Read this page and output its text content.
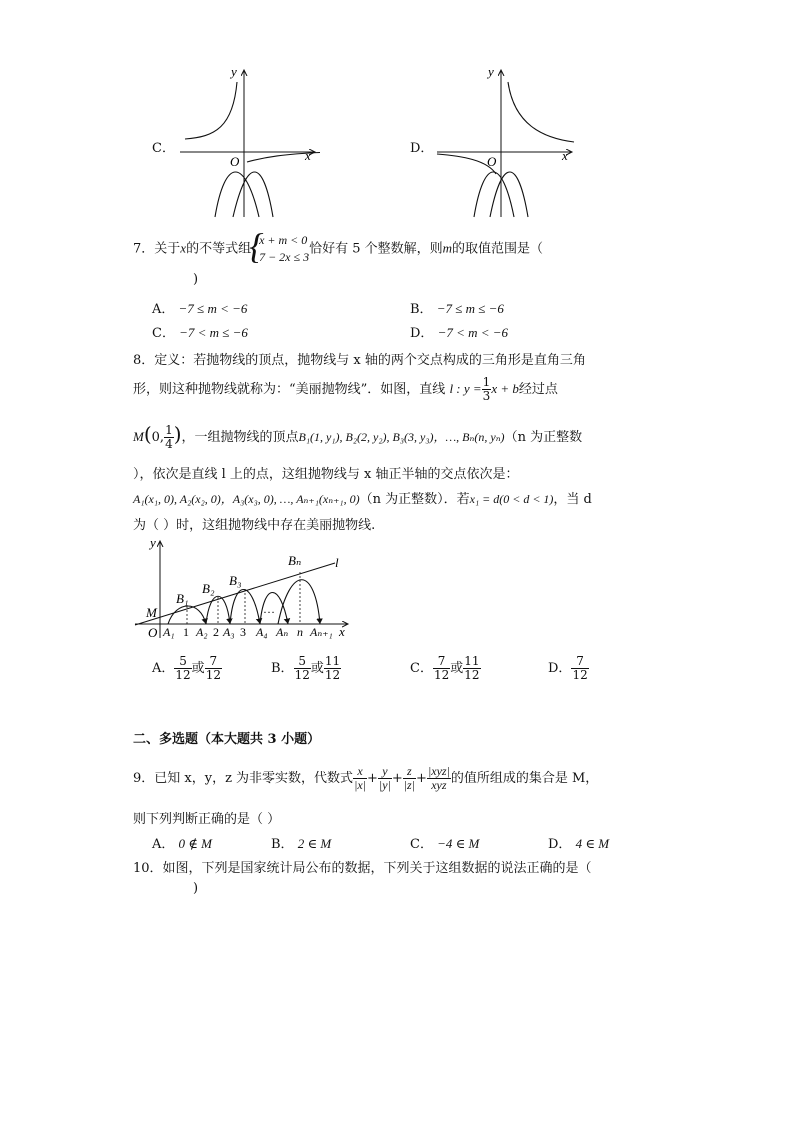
C．
y
x
O
D．
y
x
O
7．关于x的不等式组
{ x + m < 0
7 − 2x ≤ 3
恰好有 5 个整数解，则m的取值范围是（
)
A． −7 ≤ m < −6	B． −7 ≤ m ≤ −6
C． −7 < m ≤ −6	D． −7 < m < −6
8．定义：若抛物线的顶点，抛物线与 x 轴的两个交点构成的三角形是直角三角
形，则这种抛物线就称为：“美丽抛物线”．如图，直线 l : $y = \frac{1}{3}$ x + b经过点
M(0, $\frac{1}{4}$ )，一组抛物线的顶点B₁(1, y₁), B₂(2, y₂), B₃(3, y₃)，…, Bₙ(n, yₙ)（n 为正整数
），依次是直线 l 上的点，这组抛物线与 x 轴正半轴的交点依次是：
A₁(x₁, 0), A₂(x₂, 0)，A₃(x₃, 0), …, Aₙ₊₁(xₙ₊₁, 0)（n 为正整数）．若x₁ = d(0 < d < 1)，当 d
为（ ）时，这组抛物线中存在美丽抛物线.
y
x
l
M
O
B₁
B₂
B₃
Bₙ
…
A₁ 1 A₂ 2 A₃ 3 A₄ Aₙ n Aₙ₊₁
A． $\frac{5}{12}$ 或 $\frac{7}{12}$	B． $\frac{5}{12}$ 或 $\frac{11}{12}$	C． $\frac{7}{12}$ 或 $\frac{11}{12}$	D． $\frac{7}{12}$
二、多选题（本大题共 3 小题）
9．已知 x，y，z 为非零实数，代数式 $\frac{x}{|x|} + \frac{y}{|y|} + \frac{z}{|z|} + \frac{\text{|xyz|}}{\text{xyz}}$ 的值所组成的集合是 M，
则下列判断正确的是（ ）
A． 0 ∉ M	B． 2 ∈ M	C． −4 ∈ M	D． 4 ∈ M
10．如图，下列是国家统计局公布的数据，下列关于这组数据的说法正确的是（
)
